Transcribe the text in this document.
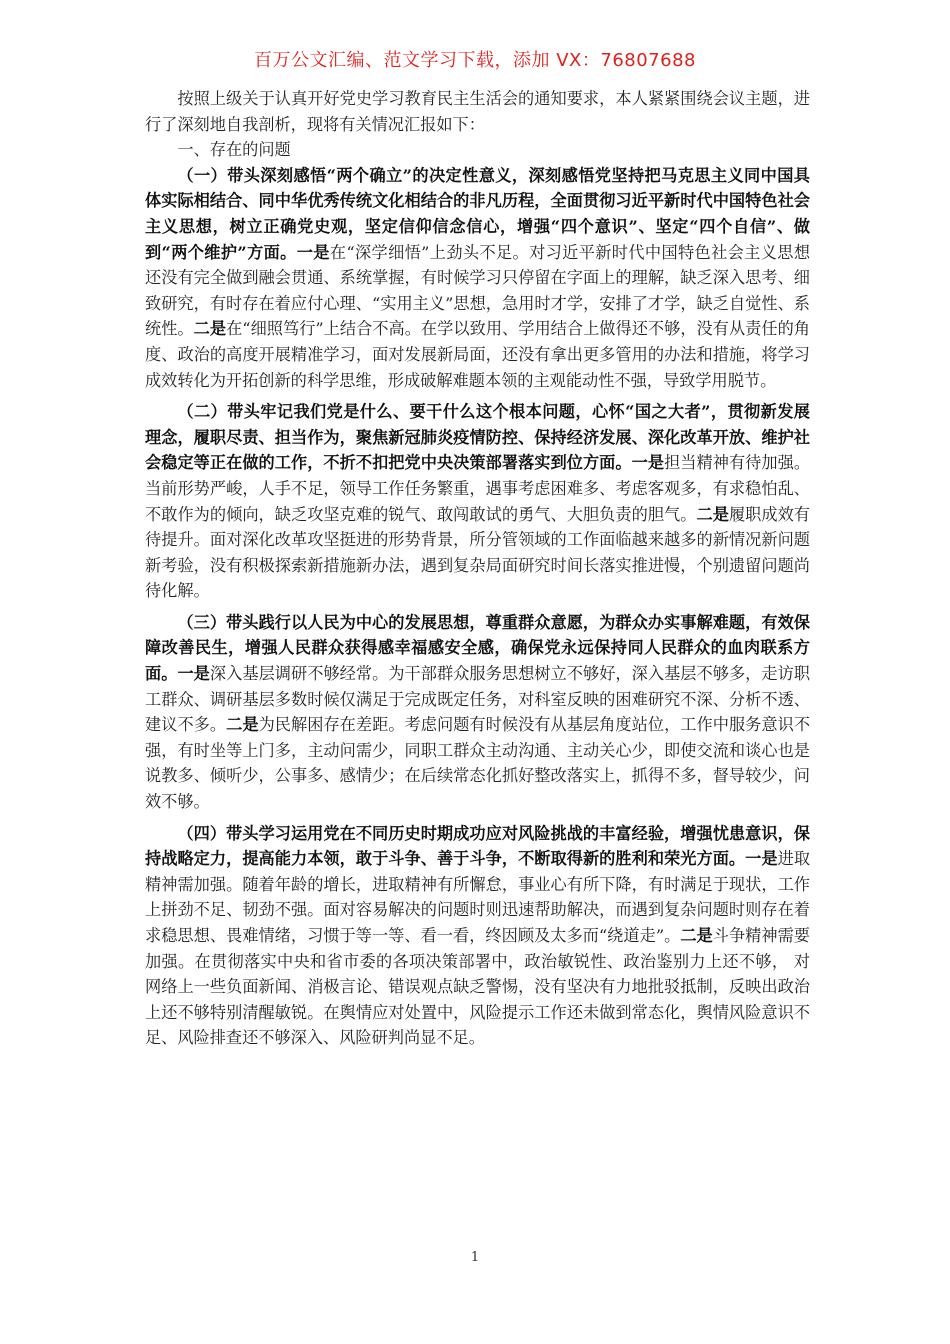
百万公文汇编、范文学习下载，添加 VX：76807688

按照上级关于认真开好党史学习教育民主生活会的通知要求，本人紧紧围绕会议主题，进行了深刻地自我剖析，现将有关情况汇报如下：

一、存在的问题

（一）带头深刻感悟“两个确立”的决定性意义，深刻感悟党坚持把马克思主义同中国具体实际相结合、同中华优秀传统文化相结合的非凡历程，全面贯彻习近平新时代中国特色社会主义思想，树立正确党史观，坚定信仰信念信心，增强“四个意识”、坚定“四个自信”、做到“两个维护”方面。一是在“深学细悟”上劲头不足。对习近平新时代中国特色社会主义思想还没有完全做到融会贯通、系统掌握，有时候学习只停留在字面上的理解，缺乏深入思考、细致研究，有时存在着应付心理、“实用主义”思想，急用时才学，安排了才学，缺乏自觉性、系统性。二是在“细照笃行”上结合不高。在学以致用、学用结合上做得还不够，没有从责任的角度、政治的高度开展精准学习，面对发展新局面，还没有拿出更多管用的办法和措施，将学习成效转化为开拓创新的科学思维，形成破解难题本领的主观能动性不强，导致学用脱节。

（二）带头牢记我们党是什么、要干什么这个根本问题，心怀“国之大者”，贯彻新发展理念，履职尽责、担当作为，聚焦新冠肺炎疫情防控、保持经济发展、深化改革开放、维护社会稳定等正在做的工作，不折不扣把党中央决策部署落实到位方面。一是担当精神有待加强。当前形势严峻，人手不足，领导工作任务繁重，遇事考虑困难多、考虑客观多，有求稳怕乱、不敢作为的倾向，缺乏攻坚克难的锐气、敢闯敢试的勇气、大胆负责的胆气。二是履职成效有待提升。面对深化改革攻坚挺进的形势背景，所分管领域的工作面临越来越多的新情况新问题新考验，没有积极探索新措施新办法，遇到复杂局面研究时间长落实推进慢，个别遗留问题尚待化解。

（三）带头践行以人民为中心的发展思想，尊重群众意愿，为群众办实事解难题，有效保障改善民生，增强人民群众获得感幸福感安全感，确保党永远保持同人民群众的血肉联系方面。一是深入基层调研不够经常。为干部群众服务思想树立不够好，深入基层不够多，走访职工群众、调研基层多数时候仅满足于完成既定任务，对科室反映的困难研究不深、分析不透、建议不多。二是为民解困存在差距。考虑问题有时候没有从基层角度站位，工作中服务意识不强，有时坐等上门多，主动问需少，同职工群众主动沟通、主动关心少，即使交流和谈心也是说教多、倾听少，公事多、感情少；在后续常态化抓好整改落实上，抓得不多，督导较少，问效不够。

（四）带头学习运用党在不同历史时期成功应对风险挑战的丰富经验，增强忧患意识，保持战略定力，提高能力本领，敢于斗争、善于斗争，不断取得新的胜利和荣光方面。一是进取精神需加强。随着年龄的增长，进取精神有所懈怠，事业心有所下降，有时满足于现状，工作上拼劲不足、韧劲不强。面对容易解决的问题时则迅速帮助解决，而遇到复杂问题时则存在着求稳思想、畏难情绪，习惯于等一等、看一看，终因顾及太多而“绕道走”。二是斗争精神需要加强。在贯彻落实中央和省市委的各项决策部署中，政治敏锐性、政治鉴别力上还不够， 对网络上一些负面新闻、消极言论、错误观点缺乏警惕，没有坚决有力地批驳抵制，反映出政治上还不够特别清醒敏锐。在舆情应对处置中，风险提示工作还未做到常态化，舆情风险意识不足、风险排查还不够深入、风险研判尚显不足。

1
